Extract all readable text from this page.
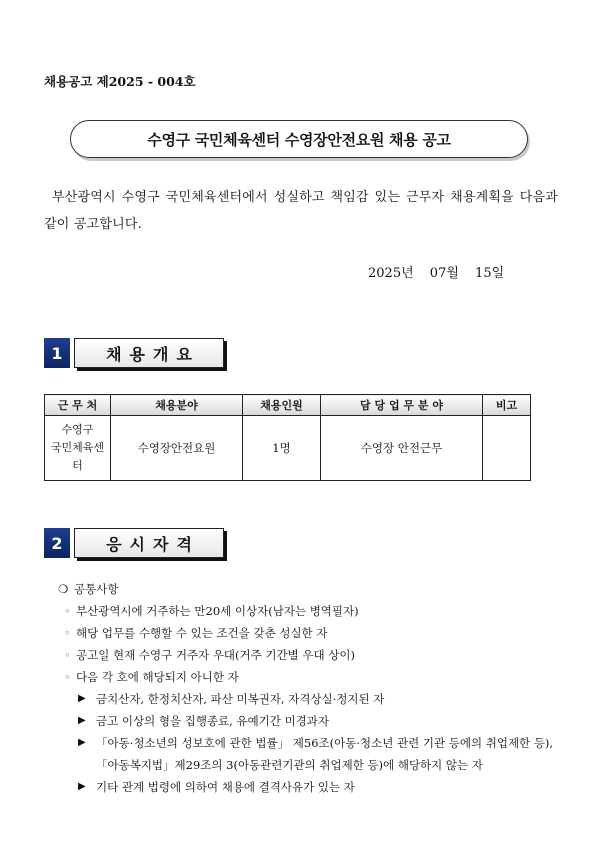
채용공고 제2025 - 004호
수영구 국민체육센터 수영장안전요원 채용 공고
부산광역시 수영구 국민체육센터에서 성실하고 책임감 있는 근무자 채용계획을 다음과 같이 공고합니다.
2025년 07월 15일
1	채용개요
근 무 처	채용분야	채용인원	담 당 업 무 분 야	비고
수영구
국민체육센터	수영장안전요원	1명	수영장 안전근무	
2	응시자격
❍ 공통사항
◦ 부산광역시에 거주하는 만20세 이상자(남자는 병역필자)
◦ 해당 업무를 수행할 수 있는 조건을 갖춘 성실한 자
◦ 공고일 현재 수영구 거주자 우대(거주 기간별 우대 상이)
◦ 다음 각 호에 해당되지 아니한 자
▶ 금치산자, 한정치산자, 파산 미복권자, 자격상실·정지된 자
▶ 금고 이상의 형을 집행종료, 유예기간 미경과자
▶ 「아동·청소년의 성보호에 관한 법률」 제56조(아동·청소년 관련 기관 등에의 취업제한 등),「아동복지법」제29조의 3(아동관련기관의 취업제한 등)에 해당하지 않는 자
▶ 기타 관계 법령에 의하여 채용에 결격사유가 있는 자
